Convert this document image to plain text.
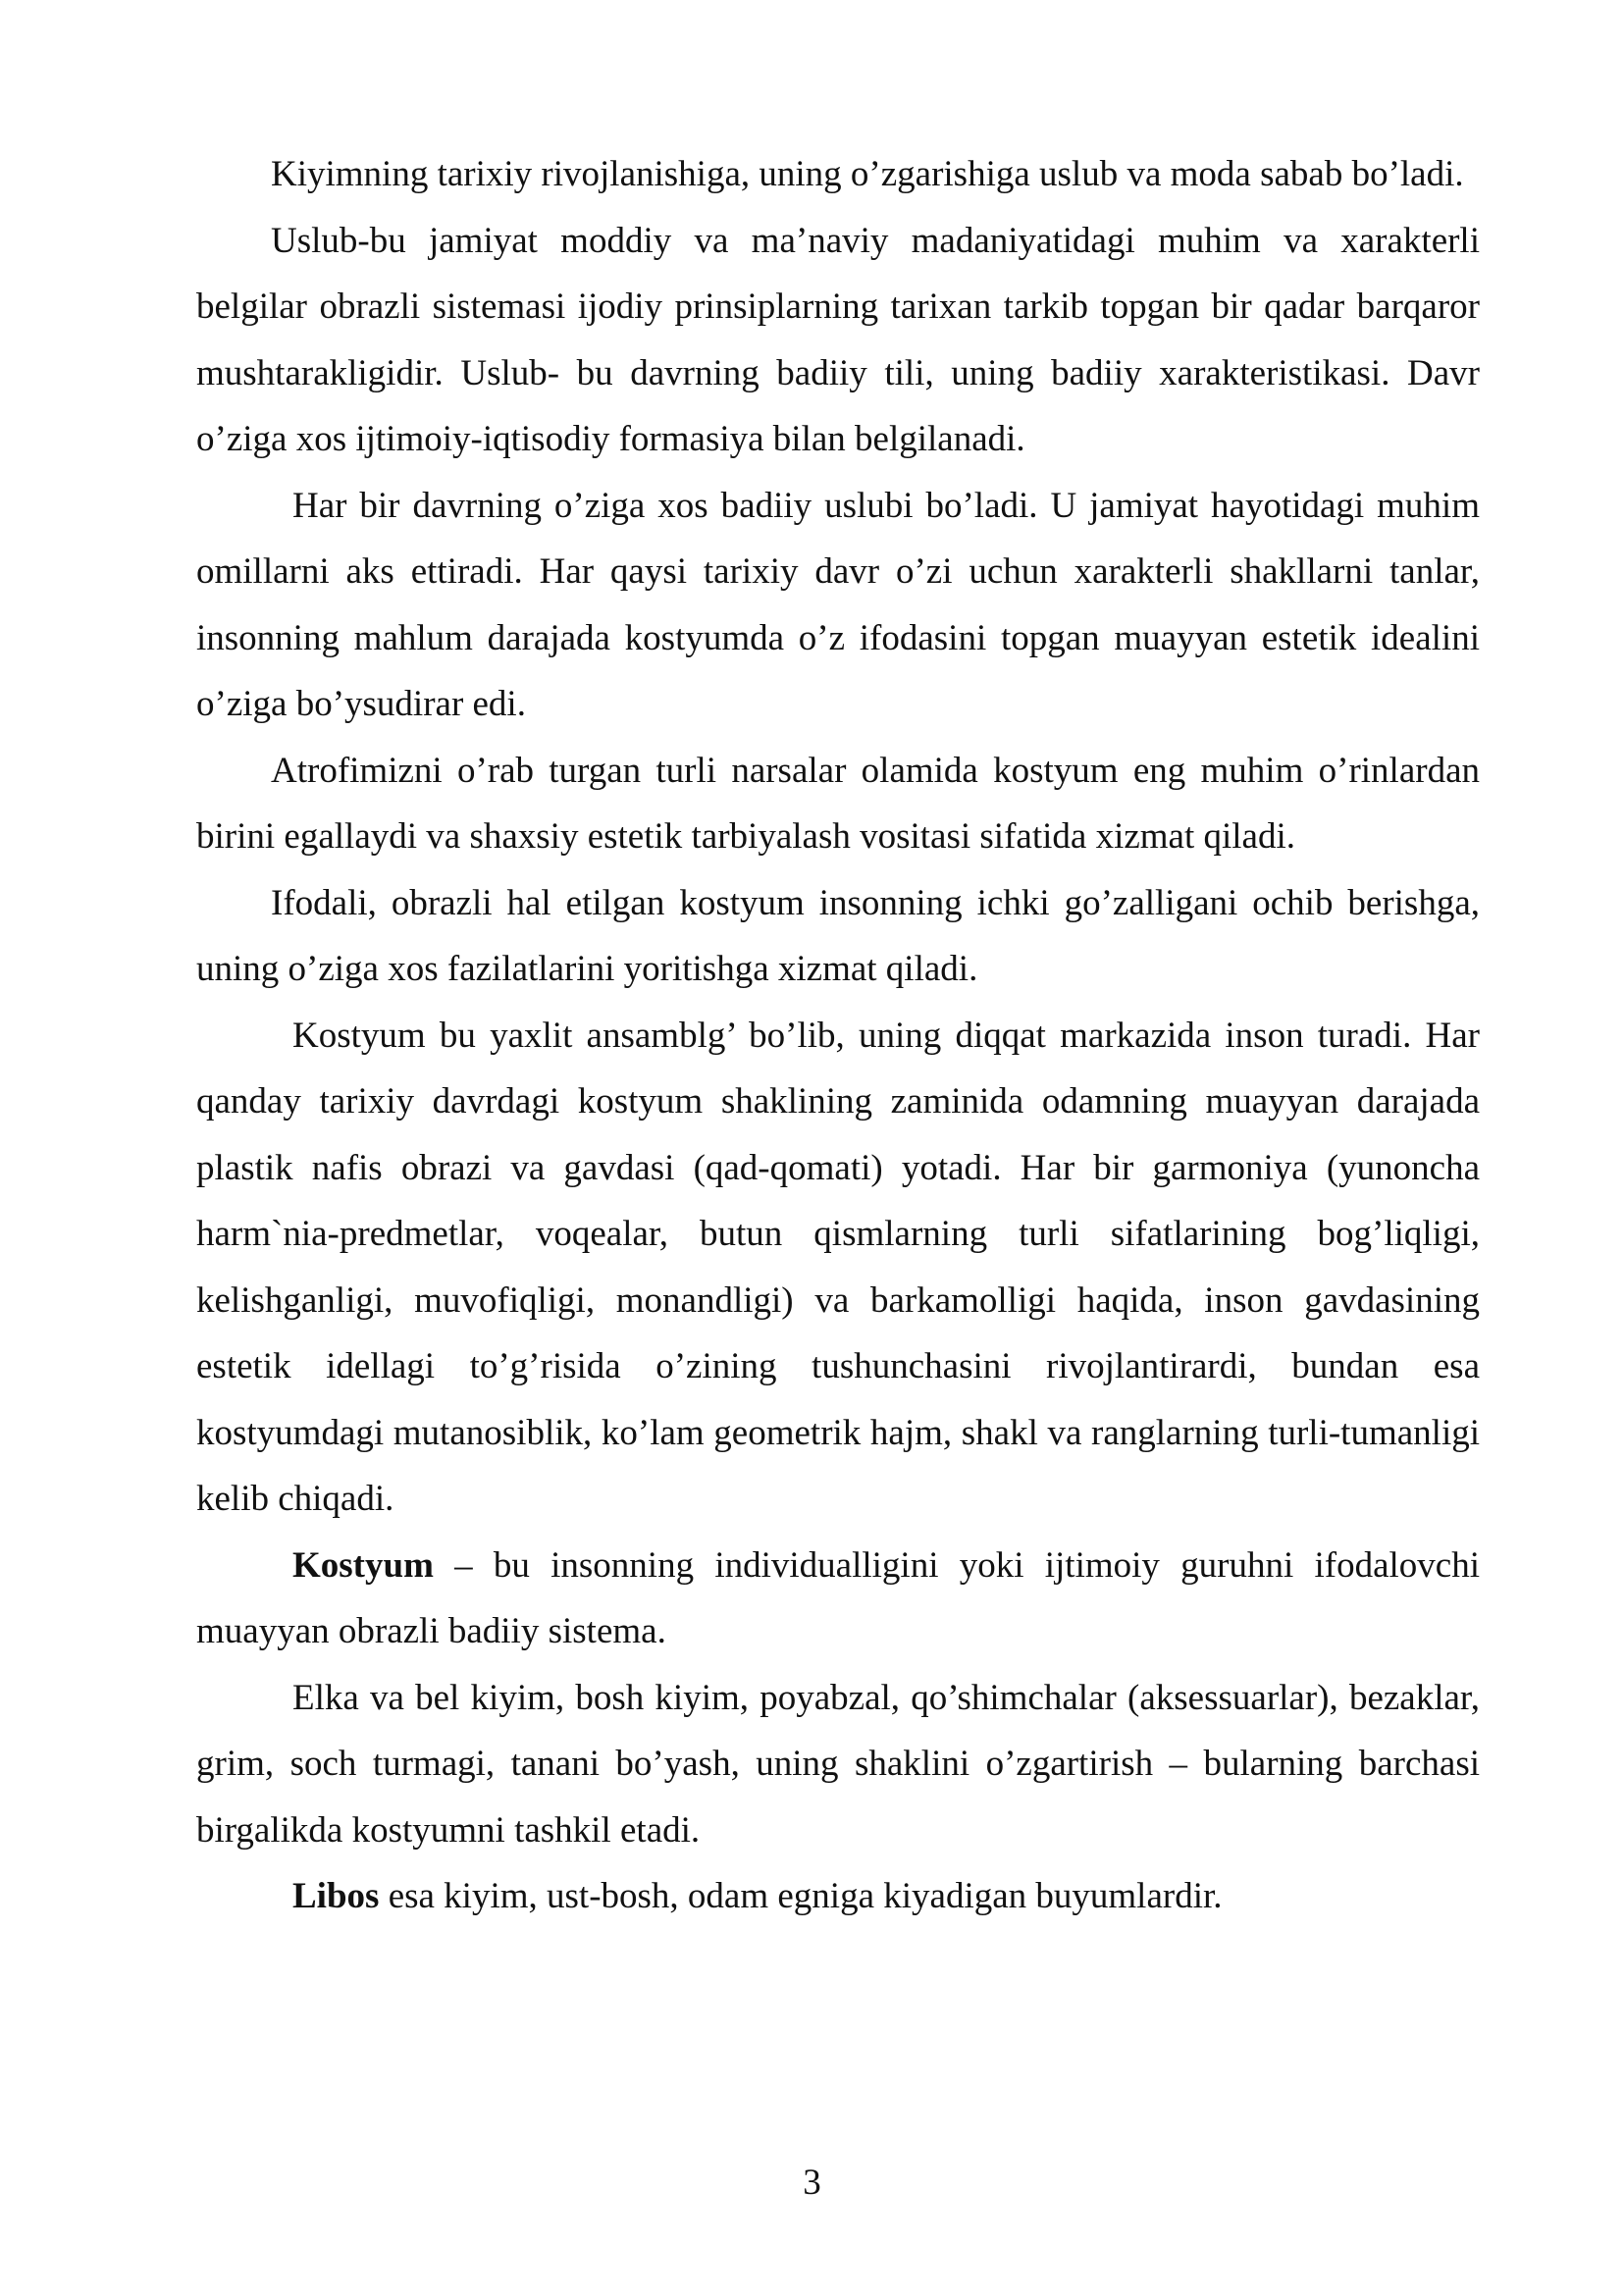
Kiyimning tarixiy rivojlanishiga, uning o’zgarishiga uslub va moda sabab bo’ladi.

Uslub-bu jamiyat moddiy va ma’naviy madaniyatidagi muhim va xarakterli belgilar obrazli sistemasi ijodiy prinsiplarning tarixan tarkib topgan bir qadar barqaror mushtarakligidir. Uslub- bu davrning badiiy tili, uning badiiy xarakteristikasi. Davr o’ziga xos ijtimoiy-iqtisodiy formasiya bilan belgilanadi.

Har bir davrning o’ziga xos badiiy uslubi bo’ladi. U jamiyat hayotidagi muhim omillarni aks ettiradi. Har qaysi tarixiy davr o’zi uchun xarakterli shakllarni tanlar, insonning mahlum darajada kostyumda o’z ifodasini topgan muayyan estetik idealini o’ziga bo’ysudirar edi.

Atrofimizni o’rab turgan turli narsalar olamida kostyum eng muhim o’rinlardan birini egallaydi va shaxsiy estetik tarbiyalash vositasi sifatida xizmat qiladi.

Ifodali, obrazli hal etilgan kostyum insonning ichki go’zalligani ochib berishga, uning o’ziga xos fazilatlarini yoritishga xizmat qiladi.

Kostyum bu yaxlit ansamblg’ bo’lib, uning diqqat markazida inson turadi. Har qanday tarixiy davrdagi kostyum shaklining zaminida odamning muayyan darajada plastik nafis obrazi va gavdasi (qad-qomati) yotadi. Har bir garmoniya (yunoncha harm`nia-predmetlar, voqealar, butun qismlarning turli sifatlarining bog’liqligi, kelishganligi, muvofiqligi, monandligi) va barkamolligi haqida, inson gavdasining estetik idellagi to’g’risida o’zining tushunchasini rivojlantirardi, bundan esa kostyumdagi mutanosiblik, ko’lam geometrik hajm, shakl va ranglarning turli-tumanligi kelib chiqadi.

Kostyum – bu insonning individualligini yoki ijtimoiy guruhni ifodalovchi muayyan obrazli badiiy sistema.

Elka va bel kiyim, bosh kiyim, poyabzal, qo’shimchalar (aksessuarlar), bezaklar, grim, soch turmagi, tanani bo’yash, uning shaklini o’zgartirish – bularning barchasi birgalikda kostyumni tashkil etadi.

Libos esa kiyim, ust-bosh, odam egniga kiyadigan buyumlardir.

3
